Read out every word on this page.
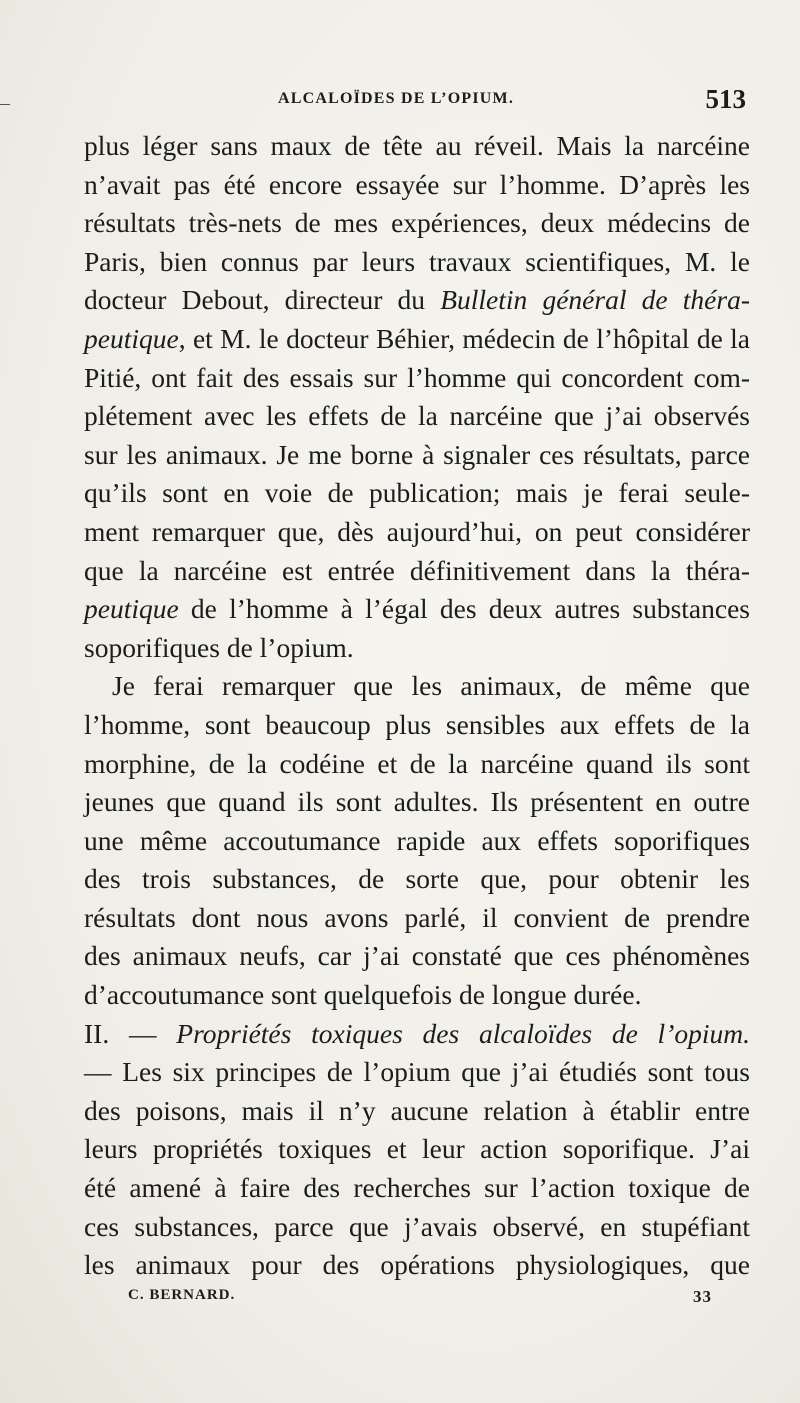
ALCALOÏDES DE L’OPIUM.	513
plus léger sans maux de tête au réveil. Mais la narcéine
n’avait pas été encore essayée sur l’homme. D’après les
résultats très-nets de mes expériences, deux médecins de
Paris, bien connus par leurs travaux scientifiques, M. le
docteur Debout, directeur du Bulletin général de théra-
peutique, et M. le docteur Béhier, médecin de l’hôpital de la
Pitié, ont fait des essais sur l’homme qui concordent com-
plétement avec les effets de la narcéine que j’ai observés
sur les animaux. Je me borne à signaler ces résultats, parce
qu’ils sont en voie de publication; mais je ferai seule-
ment remarquer que, dès aujourd’hui, on peut considérer
que la narcéine est entrée définitivement dans la théra-
peutique de l’homme à l’égal des deux autres substances
soporifiques de l’opium.
Je ferai remarquer que les animaux, de même que
l’homme, sont beaucoup plus sensibles aux effets de la
morphine, de la codéine et de la narcéine quand ils sont
jeunes que quand ils sont adultes. Ils présentent en outre
une même accoutumance rapide aux effets soporifiques
des trois substances, de sorte que, pour obtenir les
résultats dont nous avons parlé, il convient de prendre
des animaux neufs, car j’ai constaté que ces phénomènes
d’accoutumance sont quelquefois de longue durée.
II. — Propriétés toxiques des alcaloïdes de l’opium.
— Les six principes de l’opium que j’ai étudiés sont tous
des poisons, mais il n’y aucune relation à établir entre
leurs propriétés toxiques et leur action soporifique. J’ai
été amené à faire des recherches sur l’action toxique de
ces substances, parce que j’avais observé, en stupéfiant
les animaux pour des opérations physiologiques, que
C. BERNARD.	33
